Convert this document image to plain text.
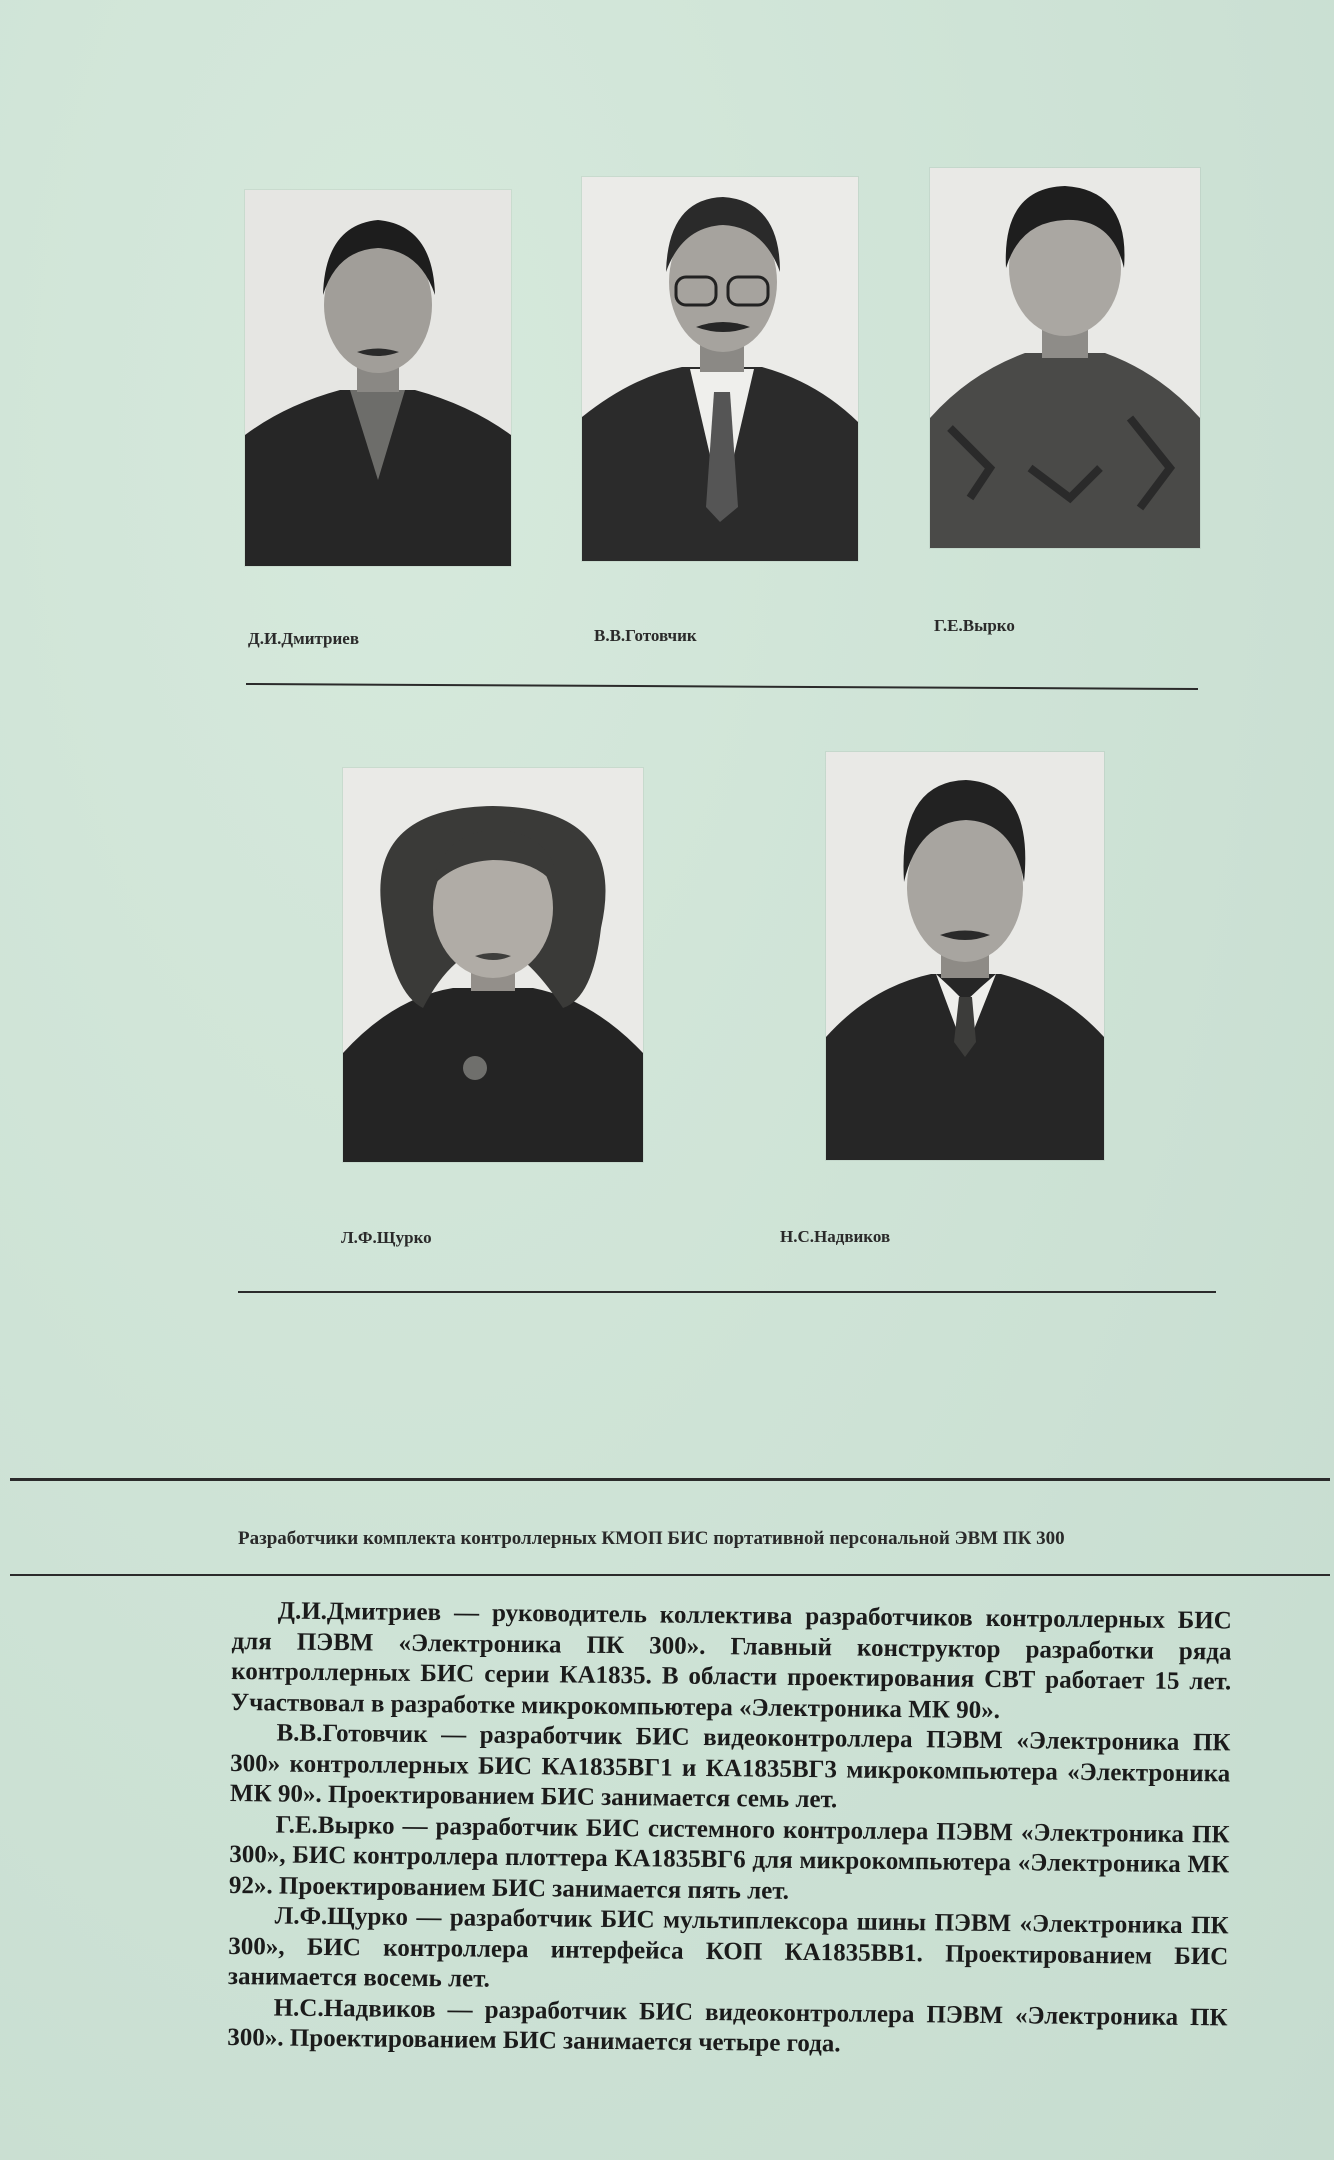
Д.И.Дмитриев	В.В.Готовчик
Г.Е.Вырко
Л.Ф.Щурко	Н.С.Надвиков
Разработчики комплекта контроллерных КМОП БИС портативной персональной ЭВМ ПК 300

Д.И.Дмитриев — руководитель коллектива разработчиков контроллерных БИС для ПЭВМ «Электроника ПК 300». Главный конструктор разработки ряда контроллерных БИС серии КА1835. В области проектирования СВТ работает 15 лет. Участвовал в разработке микрокомпьютера «Электроника МК 90».

В.В.Готовчик — разработчик БИС видеоконтроллера ПЭВМ «Электроника ПК 300» контроллерных БИС КА1835ВГ1 и КА1835ВГ3 микрокомпьютера «Электроника МК 90». Проектированием БИС занимается семь лет.

Г.Е.Вырко — разработчик БИС системного контроллера ПЭВМ «Электроника ПК 300», БИС контроллера плоттера КА1835ВГ6 для микрокомпьютера «Электроника МК 92». Проектированием БИС занимается пять лет.

Л.Ф.Щурко — разработчик БИС мультиплексора шины ПЭВМ «Электроника ПК 300», БИС контроллера интерфейса КОП КА1835ВВ1. Проектированием БИС занимается восемь лет.

Н.С.Надвиков — разработчик БИС видеоконтроллера ПЭВМ «Электроника ПК 300». Проектированием БИС занимается четыре года.
